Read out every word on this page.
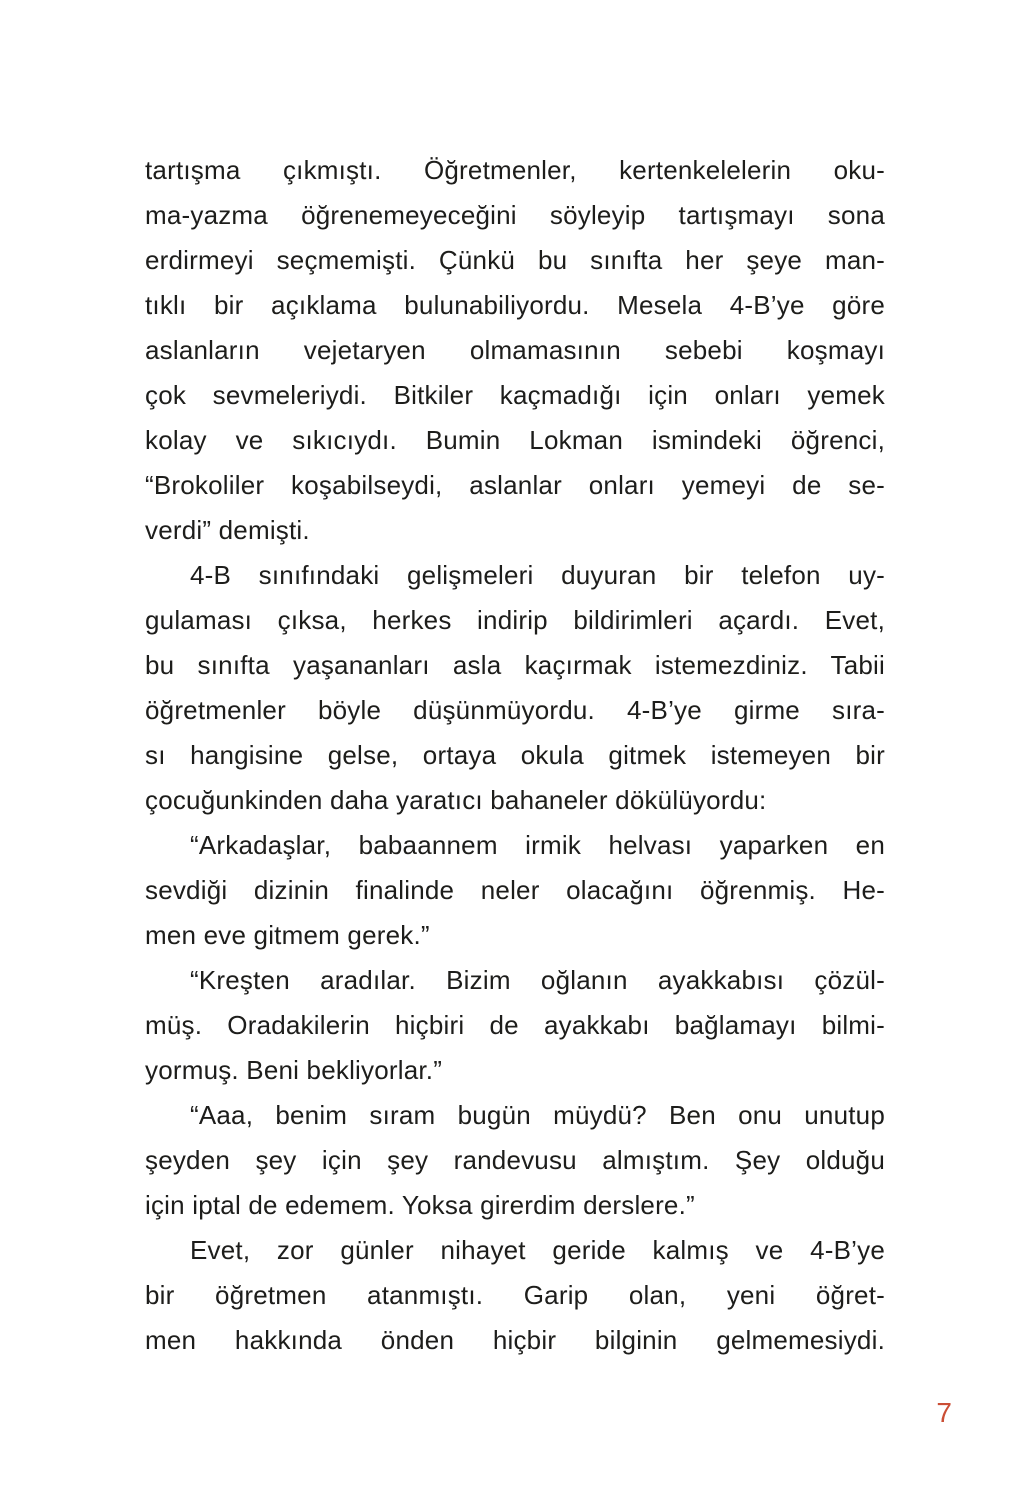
tartışma çıkmıştı. Öğretmenler, kertenkelelerin oku-
ma-yazma öğrenemeyeceğini söyleyip tartışmayı sona
erdirmeyi seçmemişti. Çünkü bu sınıfta her şeye man-
tıklı bir açıklama bulunabiliyordu. Mesela 4-B’ye göre
aslanların vejetaryen olmamasının sebebi koşmayı
çok sevmeleriydi. Bitkiler kaçmadığı için onları yemek
kolay ve sıkıcıydı. Bumin Lokman ismindeki öğrenci,
“Brokoliler koşabilseydi, aslanlar onları yemeyi de se-
verdi” demişti.
4-B sınıfındaki gelişmeleri duyuran bir telefon uy-
gulaması çıksa, herkes indirip bildirimleri açardı. Evet,
bu sınıfta yaşananları asla kaçırmak istemezdiniz. Tabii
öğretmenler böyle düşünmüyordu. 4-B’ye girme sıra-
sı hangisine gelse, ortaya okula gitmek istemeyen bir
çocuğunkinden daha yaratıcı bahaneler dökülüyordu:
“Arkadaşlar, babaannem irmik helvası yaparken en
sevdiği dizinin finalinde neler olacağını öğrenmiş. He-
men eve gitmem gerek.”
“Kreşten aradılar. Bizim oğlanın ayakkabısı çözül-
müş. Oradakilerin hiçbiri de ayakkabı bağlamayı bilmi-
yormuş. Beni bekliyorlar.”
“Aaa, benim sıram bugün müydü? Ben onu unutup
şeyden şey için şey randevusu almıştım. Şey olduğu
için iptal de edemem. Yoksa girerdim derslere.”
Evet, zor günler nihayet geride kalmış ve 4-B’ye
bir öğretmen atanmıştı. Garip olan, yeni öğret-
men hakkında önden hiçbir bilginin gelmemesiydi.
7
